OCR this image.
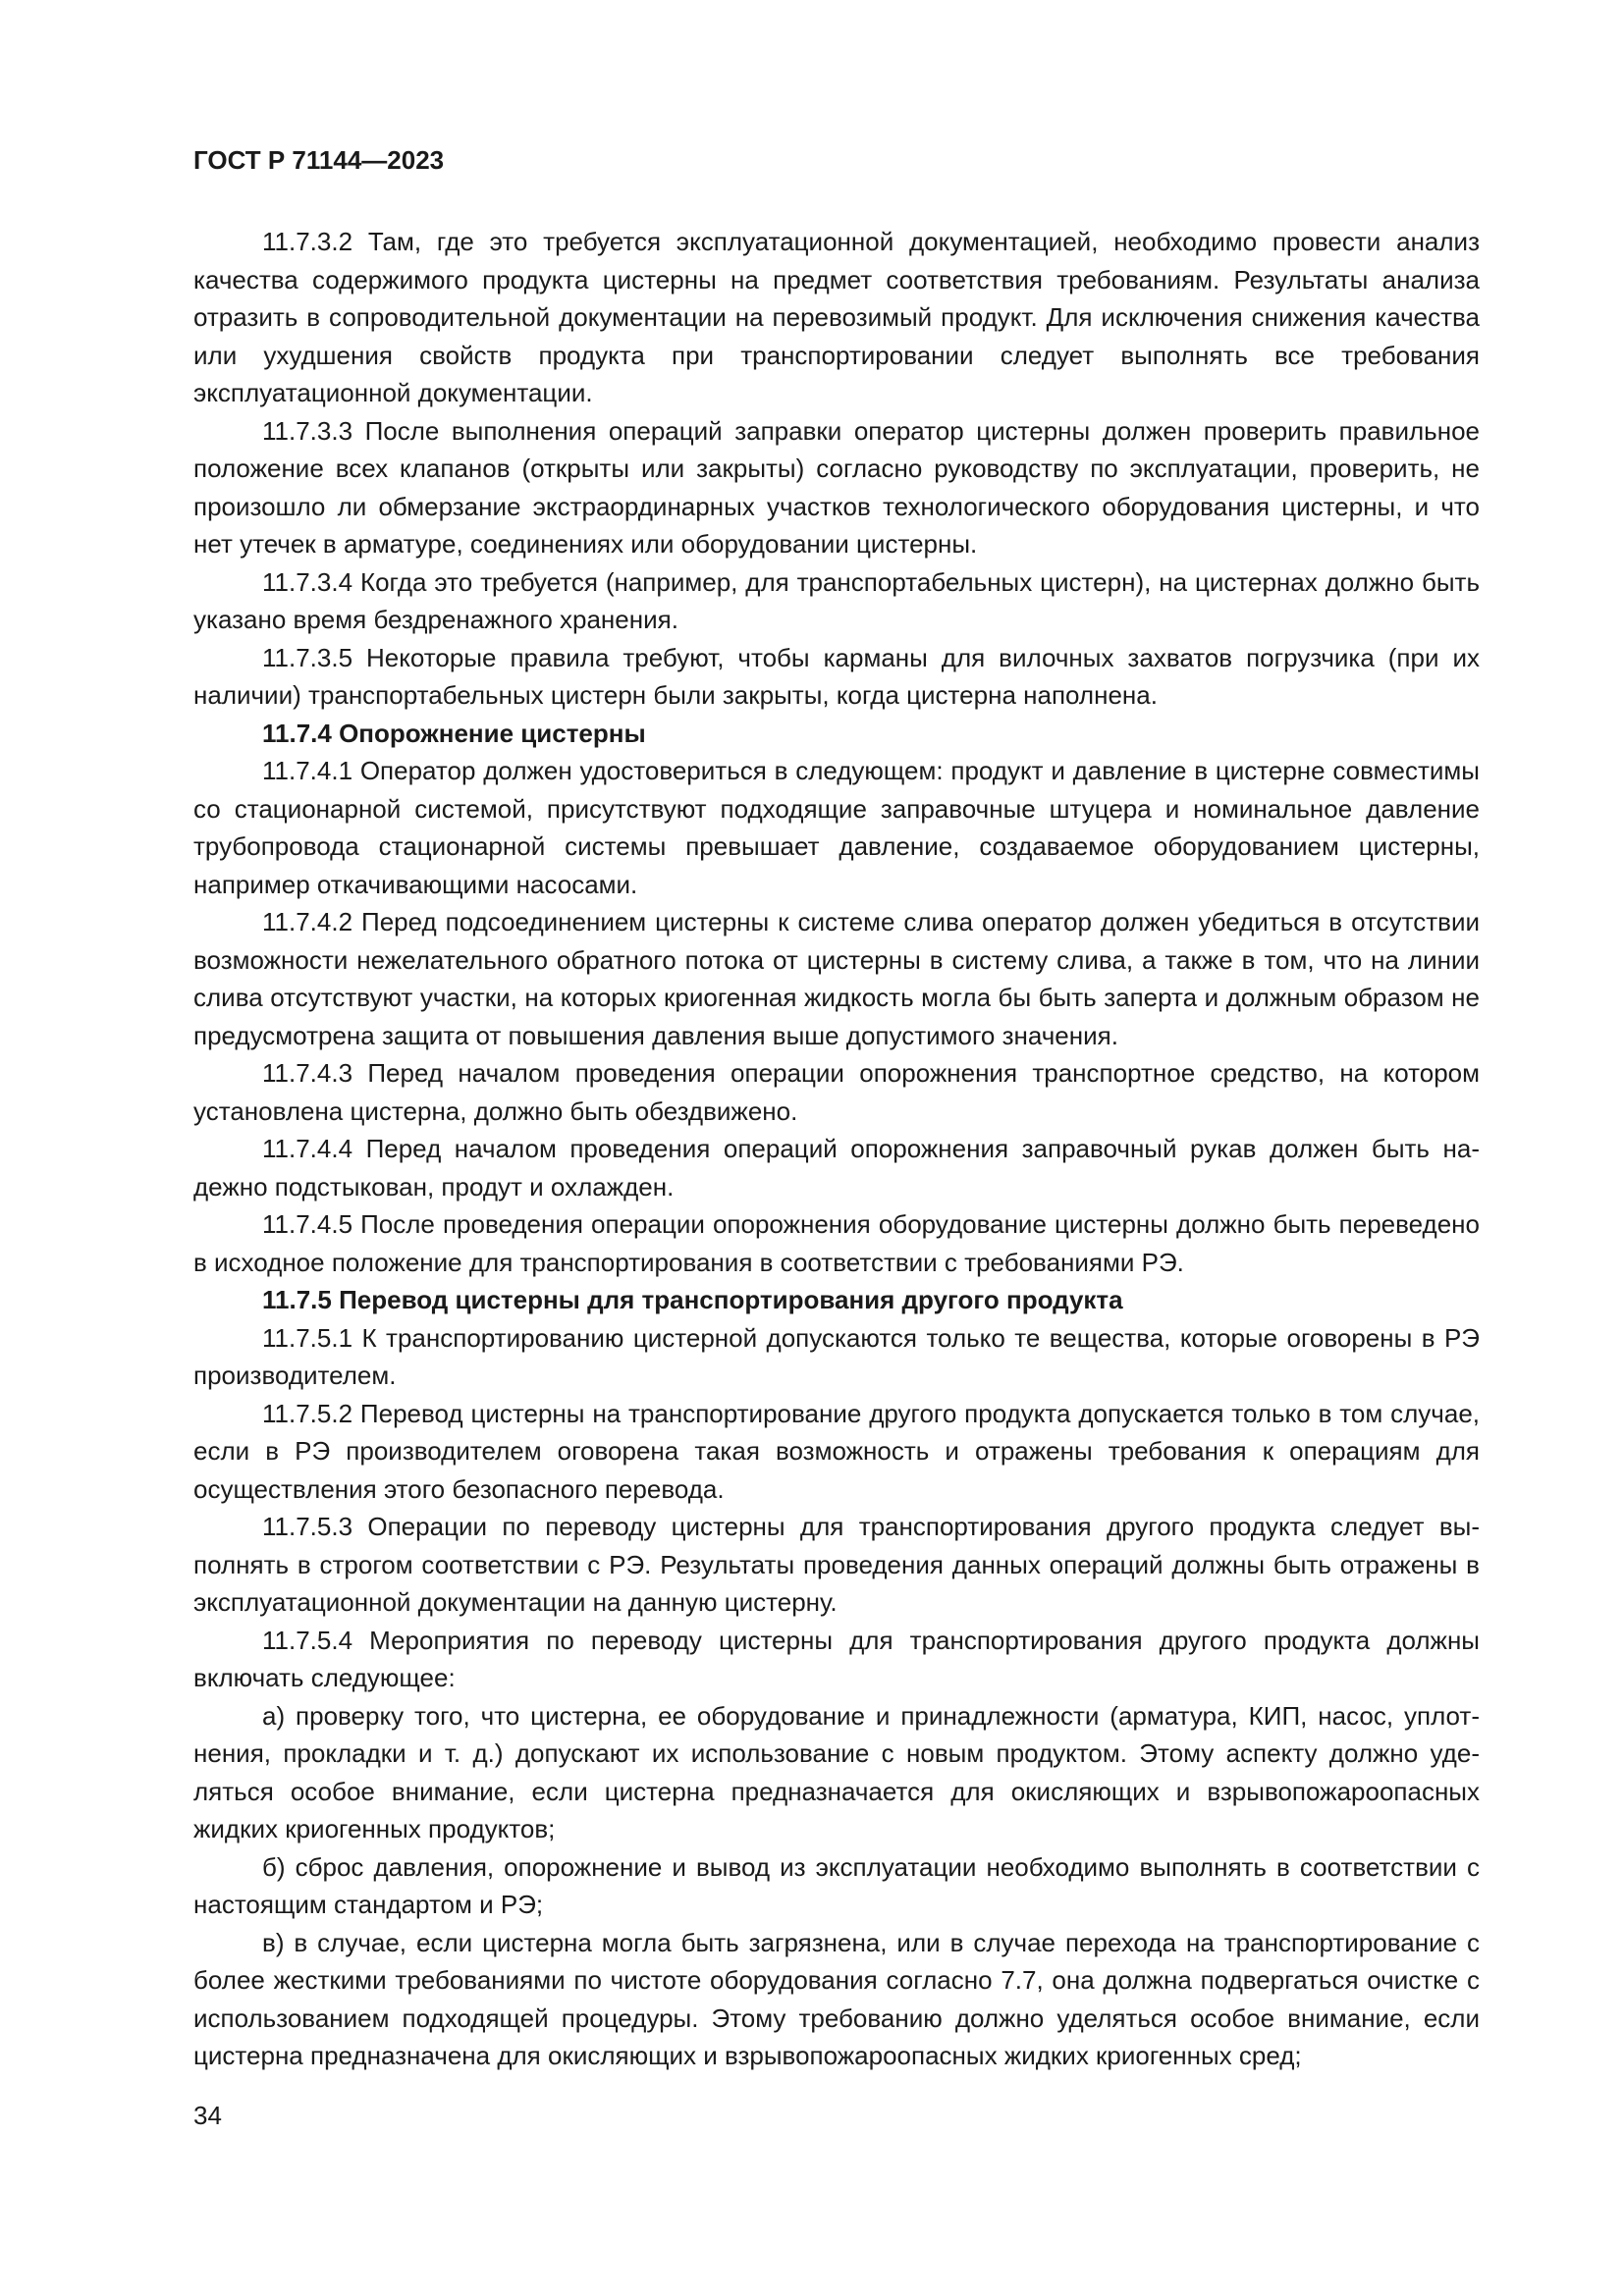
ГОСТ Р 71144—2023

11.7.3.2 Там, где это требуется эксплуатационной документацией, необходимо провести анализ качества содержимого продукта цистерны на предмет соответствия требованиям. Результаты анализа отразить в сопроводительной документации на перевозимый продукт. Для исключения снижения качества или ухудшения свойств продукта при транспортировании следует выполнять все требования эксплуатационной документации.

11.7.3.3 После выполнения операций заправки оператор цистерны должен проверить правильное положение всех клапанов (открыты или закрыты) согласно руководству по эксплуатации, проверить, не произошло ли обмерзание экстраординарных участков технологического оборудования цистерны, и что нет утечек в арматуре, соединениях или оборудовании цистерны.

11.7.3.4 Когда это требуется (например, для транспортабельных цистерн), на цистернах должно быть указано время бездренажного хранения.

11.7.3.5 Некоторые правила требуют, чтобы карманы для вилочных захватов погрузчика (при их наличии) транспортабельных цистерн были закрыты, когда цистерна наполнена.

11.7.4 Опорожнение цистерны

11.7.4.1 Оператор должен удостовериться в следующем: продукт и давление в цистерне совместимы со стационарной системой, присутствуют подходящие заправочные штуцера и номинальное давление трубопровода стационарной системы превышает давление, создаваемое оборудованием цистерны, например откачивающими насосами.

11.7.4.2 Перед подсоединением цистерны к системе слива оператор должен убедиться в отсутствии возможности нежелательного обратного потока от цистерны в систему слива, а также в том, что на линии слива отсутствуют участки, на которых криогенная жидкость могла бы быть заперта и должным образом не предусмотрена защита от повышения давления выше допустимого значения.

11.7.4.3 Перед началом проведения операции опорожнения транспортное средство, на котором установлена цистерна, должно быть обездвижено.

11.7.4.4 Перед началом проведения операций опорожнения заправочный рукав должен быть надежно подстыкован, продут и охлажден.

11.7.4.5 После проведения операции опорожнения оборудование цистерны должно быть переведено в исходное положение для транспортирования в соответствии с требованиями РЭ.

11.7.5 Перевод цистерны для транспортирования другого продукта

11.7.5.1 К транспортированию цистерной допускаются только те вещества, которые оговорены в РЭ производителем.

11.7.5.2 Перевод цистерны на транспортирование другого продукта допускается только в том случае, если в РЭ производителем оговорена такая возможность и отражены требования к операциям для осуществления этого безопасного перевода.

11.7.5.3 Операции по переводу цистерны для транспортирования другого продукта следует выполнять в строгом соответствии с РЭ. Результаты проведения данных операций должны быть отражены в эксплуатационной документации на данную цистерну.

11.7.5.4 Мероприятия по переводу цистерны для транспортирования другого продукта должны включать следующее:

а) проверку того, что цистерна, ее оборудование и принадлежности (арматура, КИП, насос, уплотнения, прокладки и т. д.) допускают их использование с новым продуктом. Этому аспекту должно уделяться особое внимание, если цистерна предназначается для окисляющих и взрывопожароопасных жидких криогенных продуктов;

б) сброс давления, опорожнение и вывод из эксплуатации необходимо выполнять в соответствии с настоящим стандартом и РЭ;

в) в случае, если цистерна могла быть загрязнена, или в случае перехода на транспортирование с более жесткими требованиями по чистоте оборудования согласно 7.7, она должна подвергаться очистке с использованием подходящей процедуры. Этому требованию должно уделяться особое внимание, если цистерна предназначена для окисляющих и взрывопожароопасных жидких криогенных сред;

34
